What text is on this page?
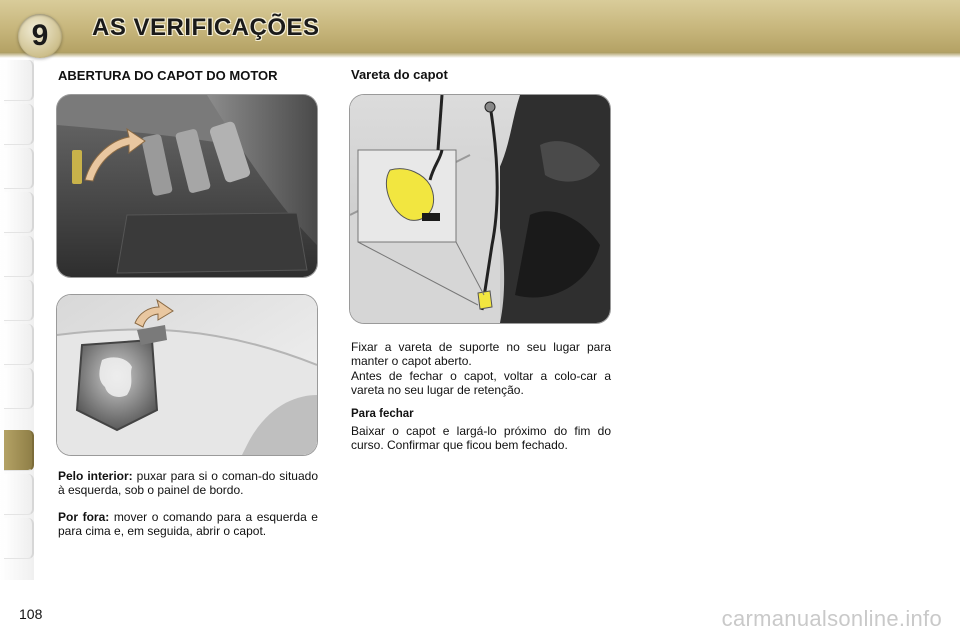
9 AS VERIFICAÇÕES
ABERTURA DO CAPOT DO MOTOR
Pelo interior: puxar para si o coman-do situado à esquerda, sob o painel de bordo.
Por fora: mover o comando para a esquerda e para cima e, em seguida, abrir o capot.
Vareta do capot
Fixar a vareta de suporte no seu lugar para manter o capot aberto.
Antes de fechar o capot, voltar a colo-car a vareta no seu lugar de retenção.
Para fechar
Baixar o capot e largá-lo próximo do fim do curso. Confirmar que ficou bem fechado.
108	carmanualsonline.info
